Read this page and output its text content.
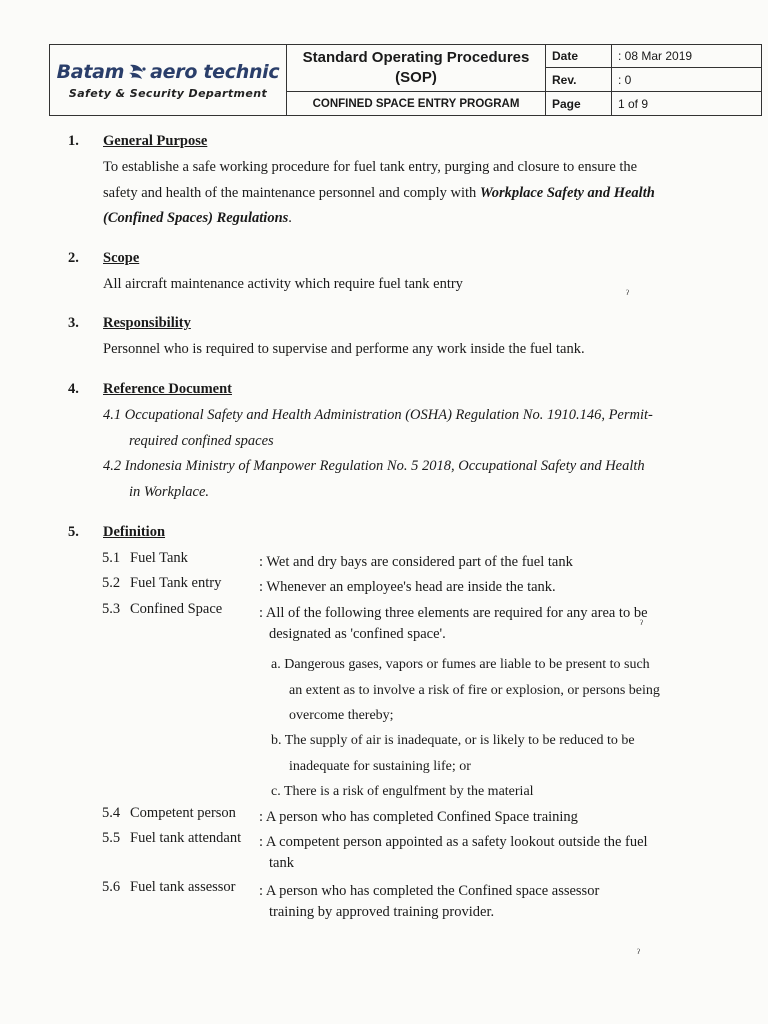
Batam aero technic
Safety & Security Department
Standard Operating Procedures
(SOP)
Date	: 08 Mar 2019
Rev.	: 0
CONFINED SPACE ENTRY PROGRAM	Page	1 of 9
1. General Purpose
To establishe a safe working procedure for fuel tank entry, purging and closure to ensure the
safety and health of the maintenance personnel and comply with Workplace Safety and Health
(Confined Spaces) Regulations.
2. Scope
All aircraft maintenance activity which require fuel tank entry
3. Responsibility
Personnel who is required to supervise and performe any work inside the fuel tank.
4. Reference Document
4.1 Occupational Safety and Health Administration (OSHA) Regulation No. 1910.146, Permit-
required confined spaces
4.2 Indonesia Ministry of Manpower Regulation No. 5 2018, Occupational Safety and Health
in Workplace.
5. Definition
5.1 Fuel Tank	: Wet and dry bays are considered part of the fuel tank
5.2 Fuel Tank entry	: Whenever an employee's head are inside the tank.
5.3 Confined Space	: All of the following three elements are required for any area to be
designated as 'confined space'.
a. Dangerous gases, vapors or fumes are liable to be present to such
an extent as to involve a risk of fire or explosion, or persons being
overcome thereby;
b. The supply of air is inadequate, or is likely to be reduced to be
inadequate for sustaining life; or
c. There is a risk of engulfment by the material
5.4 Competent person : A person who has completed Confined Space training
5.5 Fuel tank attendant : A competent person appointed as a safety lookout outside the fuel
tank
5.6 Fuel tank assessor : A person who has completed the Confined space assessor
training by approved training provider.
ˀ
ˀ
ˀ
